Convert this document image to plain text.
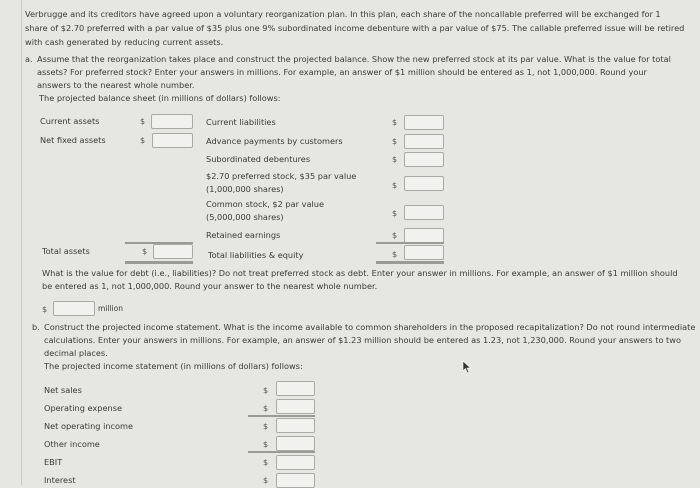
Verbrugge and its creditors have agreed upon a voluntary reorganization plan. In this plan, each share of the noncallable preferred will be exchanged for 1
share of $2.70 preferred with a par value of $35 plus one 9% subordinated income debenture with a par value of $75. The callable preferred issue will be retired
with cash generated by reducing current assets.
a. Assume that the reorganization takes place and construct the projected balance. Show the new preferred stock at its par value. What is the value for total
assets? For preferred stock? Enter your answers in millions. For example, an answer of $1 million should be entered as 1, not 1,000,000. Round your
answers to the nearest whole number.
The projected balance sheet (in millions of dollars) follows:
Current assets	$
Net fixed assets	$
Total assets	$
Current liabilities	$
Advance payments by customers	$
Subordinated debentures	$
$2.70 preferred stock, $35 par value
(1,000,000 shares)	$
Common stock, $2 par value
(5,000,000 shares)	$
Retained earnings	$
Total liabilities & equity	$
What is the value for debt (i.e., liabilities)? Do not treat preferred stock as debt. Enter your answer in millions. For example, an answer of $1 million should
be entered as 1, not 1,000,000. Round your answer to the nearest whole number.
$	million
b. Construct the projected income statement. What is the income available to common shareholders in the proposed recapitalization? Do not round intermediate
calculations. Enter your answers in millions. For example, an answer of $1.23 million should be entered as 1.23, not 1,230,000. Round your answers to two
decimal places.
The projected income statement (in millions of dollars) follows:
Net sales	$
Operating expense	$
Net operating income	$
Other income	$
EBIT	$
Interest	$
